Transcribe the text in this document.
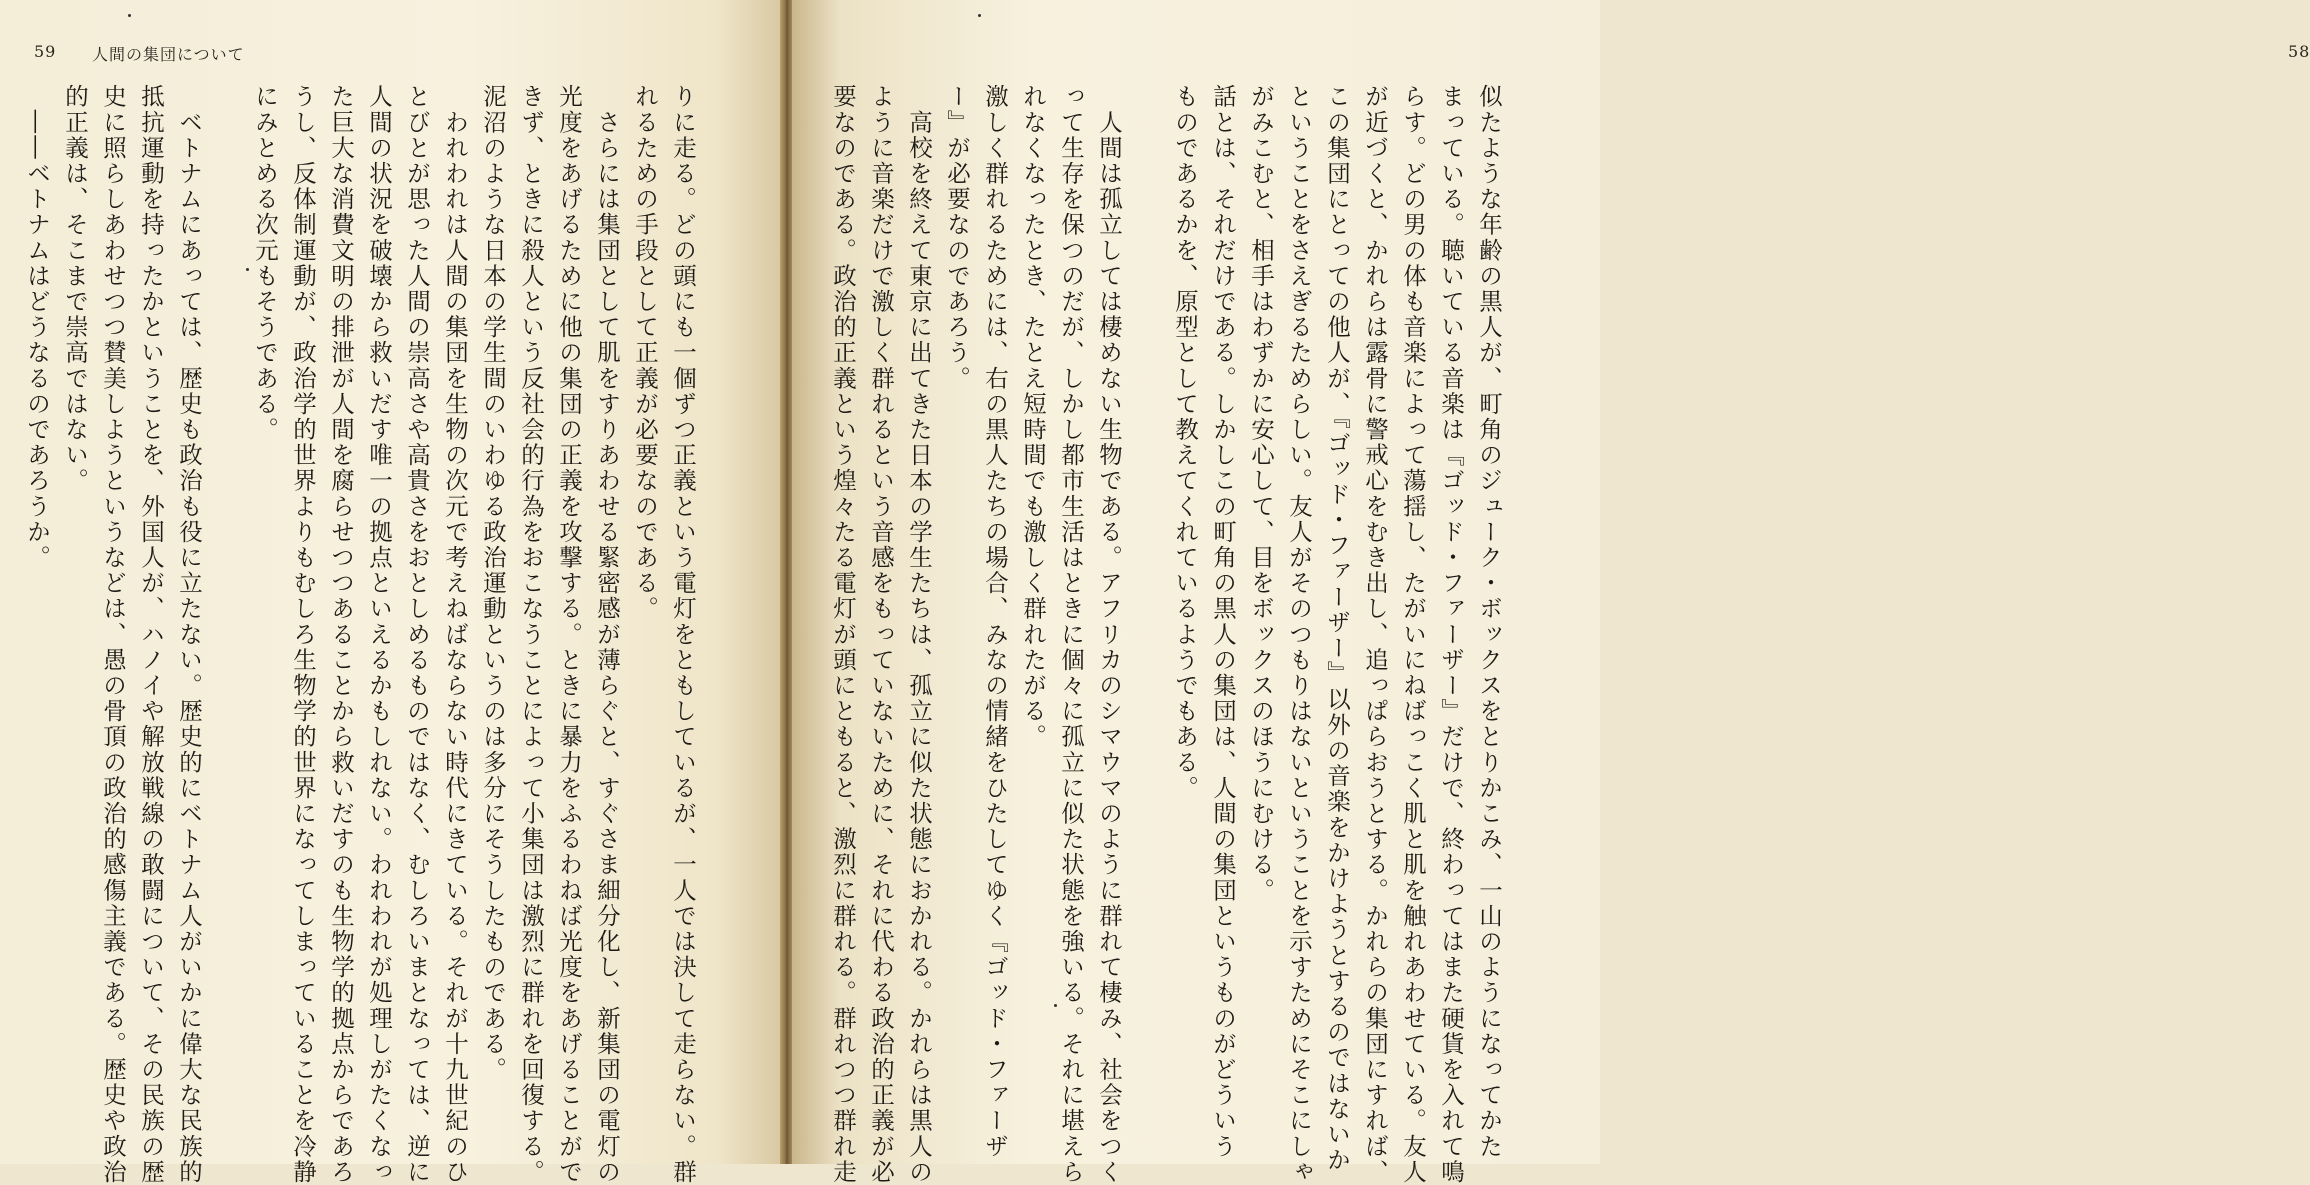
59 人間の集団について
りに走る。どの頭にも一個ずつ正義という電灯をともしているが、一人では決して走らない。群
れるための手段として正義が必要なのである。
　さらには集団として肌をすりあわせる緊密感が薄らぐと、すぐさま細分化し、新集団の電灯の
光度をあげるために他の集団の正義を攻撃する。ときに暴力をふるわねば光度をあげることがで
きず、ときに殺人という反社会的行為をおこなうことによって小集団は激烈に群れを回復する。
泥沼のような日本の学生間のいわゆる政治運動というのは多分にそうしたものである。
　われわれは人間の集団を生物の次元で考えねばならない時代にきている。それが十九世紀のひ
とびとが思った人間の崇高さや高貴さをおとしめるものではなく、むしろいまとなっては、逆に
人間の状況を破壊から救いだす唯一の拠点といえるかもしれない。われわれが処理しがたくなっ
た巨大な消費文明の排泄が人間を腐らせつつあることから救いだすのも生物学的拠点からであろ
うし、反体制運動が、政治学的世界よりもむしろ生物学的世界になってしまっていることを冷静
にみとめる次元もそうである。
　ベトナムにあっては、歴史も政治も役に立たない。歴史的にベトナム人がいかに偉大な民族的
抵抗運動を持ったかということを、外国人が、ハノイや解放戦線の敢闘について、その民族の歴
史に照らしあわせつつ賛美しようというなどは、愚の骨頂の政治的感傷主義である。歴史や政治
的正義は、そこまで崇高ではない。
　――ベトナムはどうなるのであろうか。
58
似たような年齢の黒人が、町角のジューク・ボックスをとりかこみ、一山のようになってかた
まっている。聴いている音楽は『ゴッド・ファーザー』だけで、終わってはまた硬貨を入れて鳴
らす。どの男の体も音楽によって蕩揺し、たがいにねばっこく肌と肌を触れあわせている。友人
が近づくと、かれらは露骨に警戒心をむき出し、追っぱらおうとする。かれらの集団にすれば、
この集団にとっての他人が、『ゴッド・ファーザー』以外の音楽をかけようとするのではないか
ということをさえぎるためらしい。友人がそのつもりはないということを示すためにそこにしゃ
がみこむと、相手はわずかに安心して、目をボックスのほうにむける。
話とは、それだけである。しかしこの町角の黒人の集団は、人間の集団というものがどういう
ものであるかを、原型として教えてくれているようでもある。
　人間は孤立しては棲めない生物である。アフリカのシマウマのように群れて棲み、社会をつく
って生存を保つのだが、しかし都市生活はときに個々に孤立に似た状態を強いる。それに堪えら
れなくなったとき、たとえ短時間でも激しく群れたがる。
激しく群れるためには、右の黒人たちの場合、みなの情緒をひたしてゆく『ゴッド・ファーザ
ー』が必要なのであろう。
　高校を終えて東京に出てきた日本の学生たちは、孤立に似た状態におかれる。かれらは黒人の
ように音楽だけで激しく群れるという音感をもっていないために、それに代わる政治的正義が必
要なのである。政治的正義という煌々たる電灯が頭にともると、激烈に群れる。群れつつ群れ走
